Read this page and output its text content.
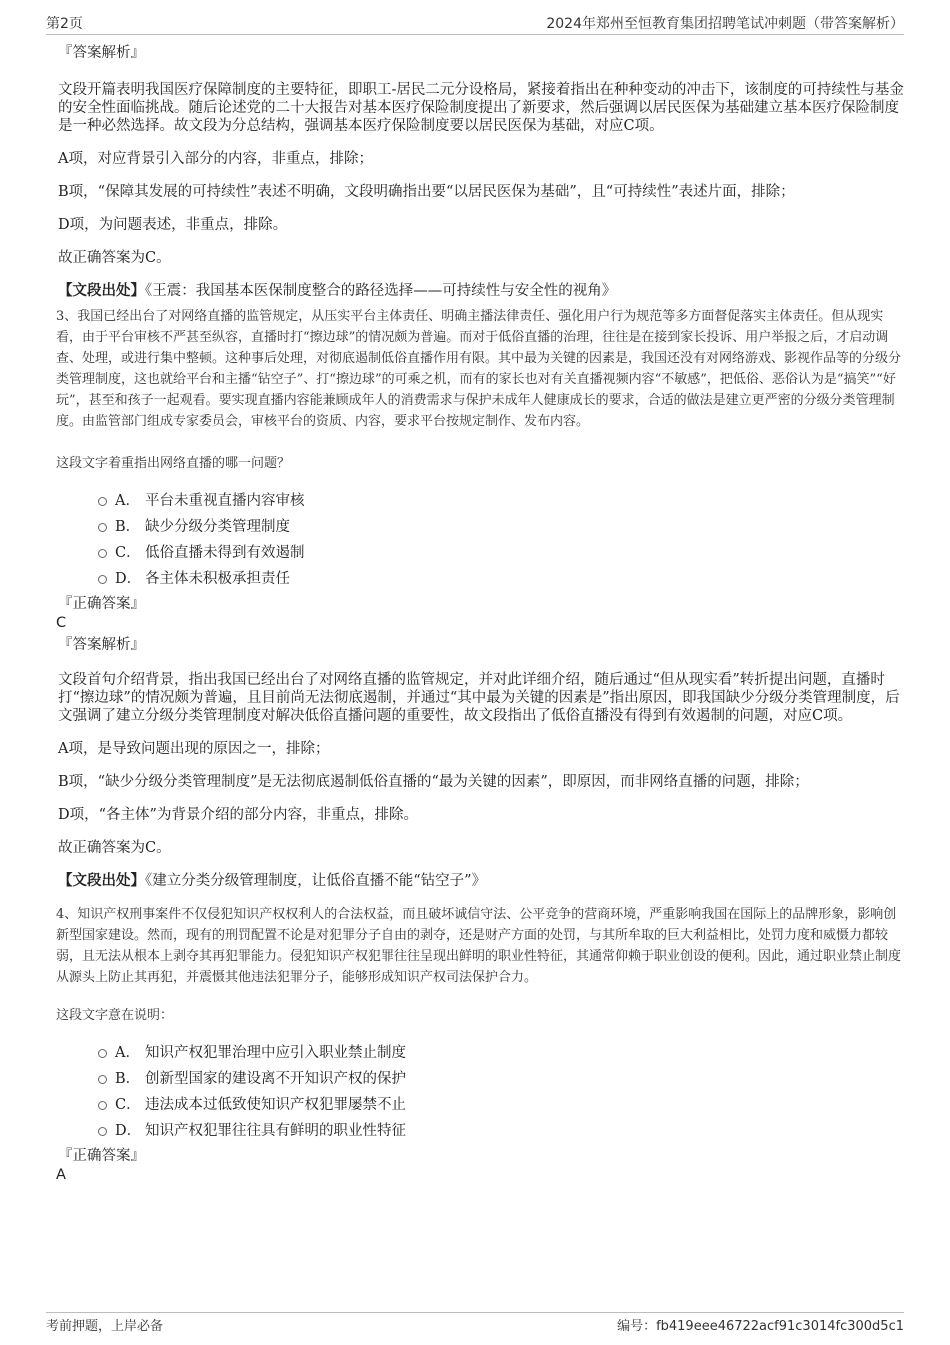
第2页	2024年郑州至恒教育集团招聘笔试冲刺题（带答案解析）
『答案解析』
文段开篇表明我国医疗保障制度的主要特征，即职工-居民二元分设格局，紧接着指出在种种变动的冲击下，该制度的可持续性与基金的安全性面临挑战。随后论述党的二十大报告对基本医疗保险制度提出了新要求，然后强调以居民医保为基础建立基本医疗保险制度是一种必然选择。故文段为分总结构，强调基本医疗保险制度要以居民医保为基础，对应C项。
A项，对应背景引入部分的内容，非重点，排除；
B项，“保障其发展的可持续性”表述不明确，文段明确指出要“以居民医保为基础”，且“可持续性”表述片面，排除；
D项，为问题表述，非重点，排除。
故正确答案为C。
【文段出处】《王震：我国基本医保制度整合的路径选择——可持续性与安全性的视角》
3、我国已经出台了对网络直播的监管规定，从压实平台主体责任、明确主播法律责任、强化用户行为规范等多方面督促落实主体责任。但从现实看，由于平台审核不严甚至纵容，直播时打“擦边球”的情况颇为普遍。而对于低俗直播的治理，往往是在接到家长投诉、用户举报之后，才启动调查、处理，或进行集中整顿。这种事后处理，对彻底遏制低俗直播作用有限。其中最为关键的因素是，我国还没有对网络游戏、影视作品等的分级分类管理制度，这也就给平台和主播“钻空子”、打“擦边球”的可乘之机，而有的家长也对有关直播视频内容“不敏感”，把低俗、恶俗认为是“搞笑”“好玩”，甚至和孩子一起观看。要实现直播内容能兼顾成年人的消费需求与保护未成年人健康成长的要求，合适的做法是建立更严密的分级分类管理制度。由监管部门组成专家委员会，审核平台的资质、内容，要求平台按规定制作、发布内容。
这段文字着重指出网络直播的哪一问题？
A． 平台未重视直播内容审核
B． 缺少分级分类管理制度
C． 低俗直播未得到有效遏制
D． 各主体未积极承担责任
『正确答案』
C
『答案解析』
文段首句介绍背景，指出我国已经出台了对网络直播的监管规定，并对此详细介绍，随后通过“但从现实看”转折提出问题，直播时打“擦边球”的情况颇为普遍，且目前尚无法彻底遏制，并通过“其中最为关键的因素是”指出原因，即我国缺少分级分类管理制度，后文强调了建立分级分类管理制度对解决低俗直播问题的重要性，故文段指出了低俗直播没有得到有效遏制的问题，对应C项。
A项，是导致问题出现的原因之一，排除；
B项，“缺少分级分类管理制度”是无法彻底遏制低俗直播的“最为关键的因素”，即原因，而非网络直播的问题，排除；
D项，“各主体”为背景介绍的部分内容，非重点，排除。
故正确答案为C。
【文段出处】《建立分类分级管理制度，让低俗直播不能“钻空子”》
4、知识产权刑事案件不仅侵犯知识产权权利人的合法权益，而且破坏诚信守法、公平竞争的营商环境，严重影响我国在国际上的品牌形象，影响创新型国家建设。然而，现有的刑罚配置不论是对犯罪分子自由的剥夺，还是财产方面的处罚，与其所牟取的巨大利益相比，处罚力度和威慑力都较弱，且无法从根本上剥夺其再犯罪能力。侵犯知识产权犯罪往往呈现出鲜明的职业性特征，其通常仰赖于职业创设的便利。因此，通过职业禁止制度从源头上防止其再犯，并震慑其他违法犯罪分子，能够形成知识产权司法保护合力。
这段文字意在说明：
A． 知识产权犯罪治理中应引入职业禁止制度
B． 创新型国家的建设离不开知识产权的保护
C． 违法成本过低致使知识产权犯罪屡禁不止
D． 知识产权犯罪往往具有鲜明的职业性特征
『正确答案』
A
考前押题，上岸必备	编号：fb419eee46722acf91c3014fc300d5c1
